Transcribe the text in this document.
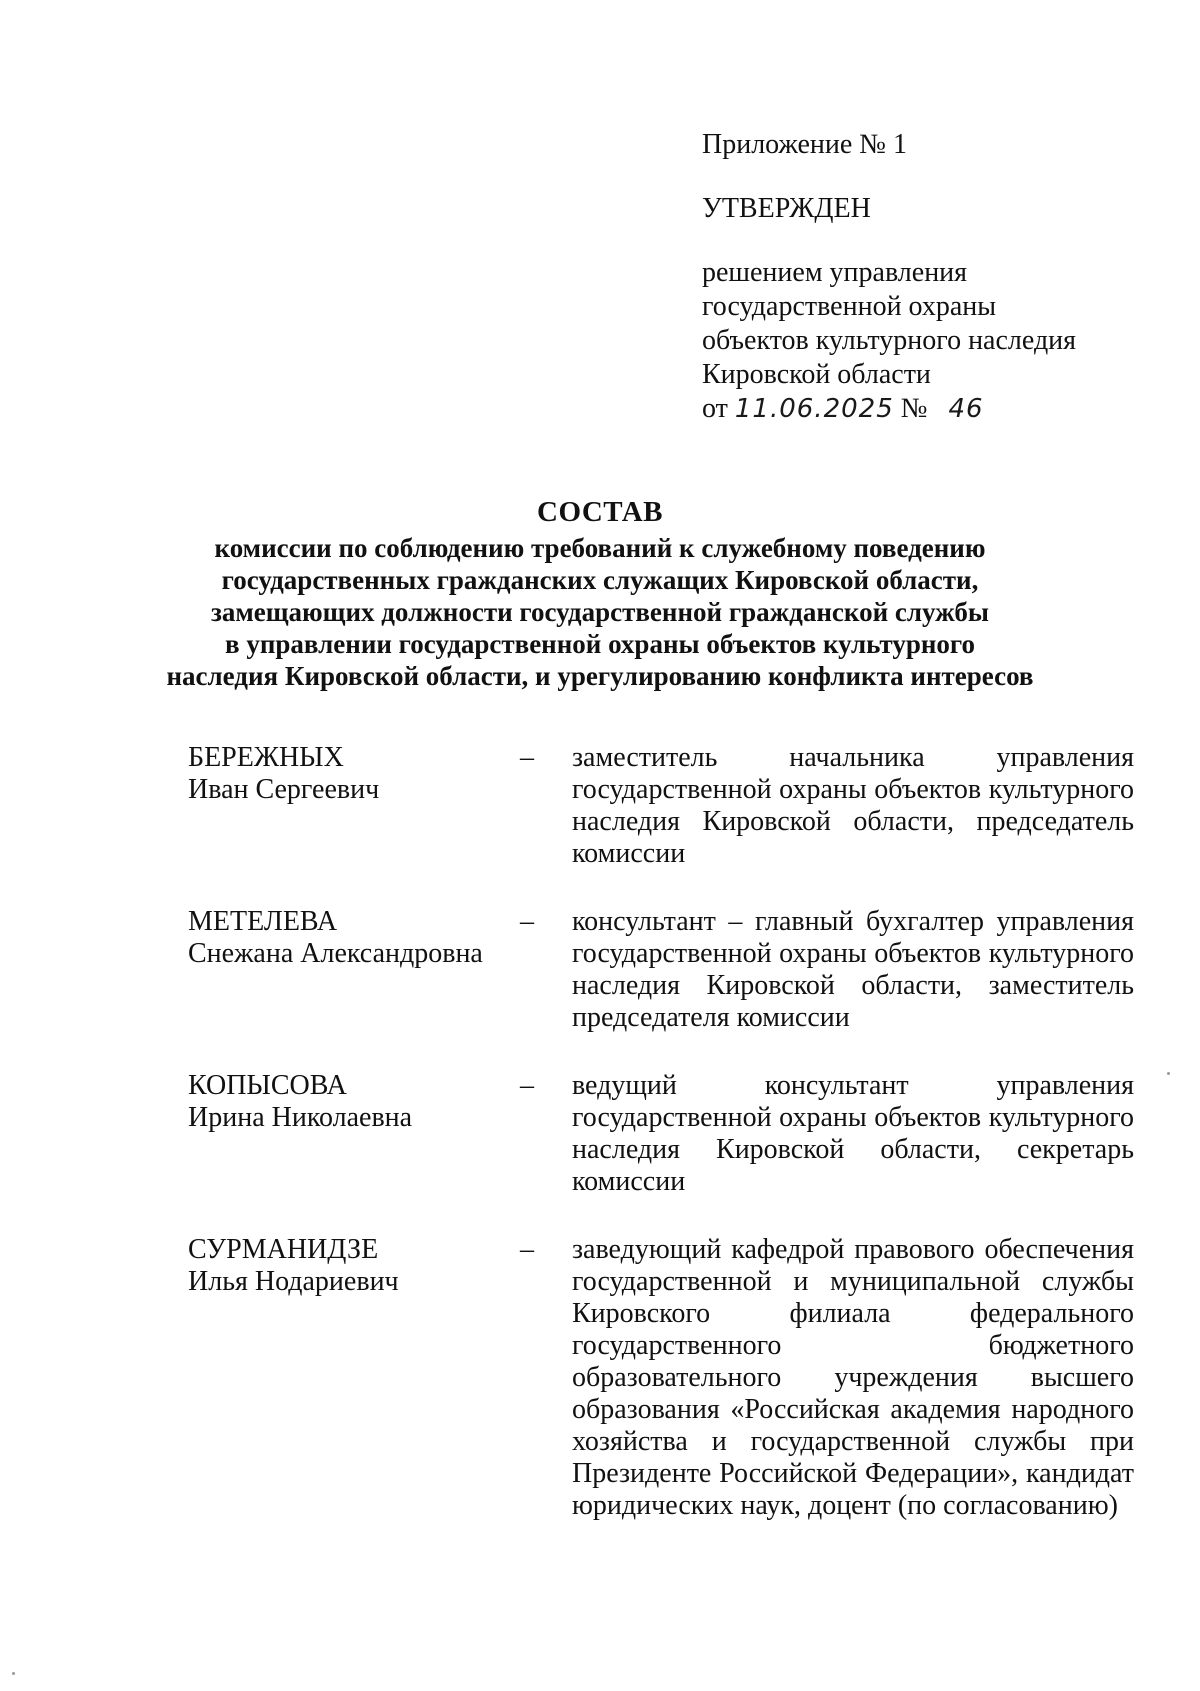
Приложение № 1
УТВЕРЖДЕН
решением управления
государственной охраны
объектов культурного наследия
Кировской области
от 11.06.2025 № 46
СОСТАВ
комиссии по соблюдению требований к служебному поведению
государственных гражданских служащих Кировской области,
замещающих должности государственной гражданской службы
в управлении государственной охраны объектов культурного
наследия Кировской области, и урегулированию конфликта интересов
БЕРЕЖНЫХ
Иван Сергеевич
–	заместитель начальника управления государственной охраны объектов культурного наследия Кировской области, председатель комиссии
МЕТЕЛЕВА
Снежана Александровна
–	консультант – главный бухгалтер управления государственной охраны объектов культурного наследия Кировской области, заместитель председателя комиссии
КОПЫСОВА
Ирина Николаевна
–	ведущий консультант управления государственной охраны объектов культурного наследия Кировской области, секретарь комиссии
СУРМАНИДЗЕ
Илья Нодариевич
–	заведующий кафедрой правового обеспечения государственной и муниципальной службы Кировского филиала федерального государственного бюджетного образовательного учреждения высшего образования «Российская академия народного хозяйства и государственной службы при Президенте Российской Федерации», кандидат юридических наук, доцент (по согласованию)
